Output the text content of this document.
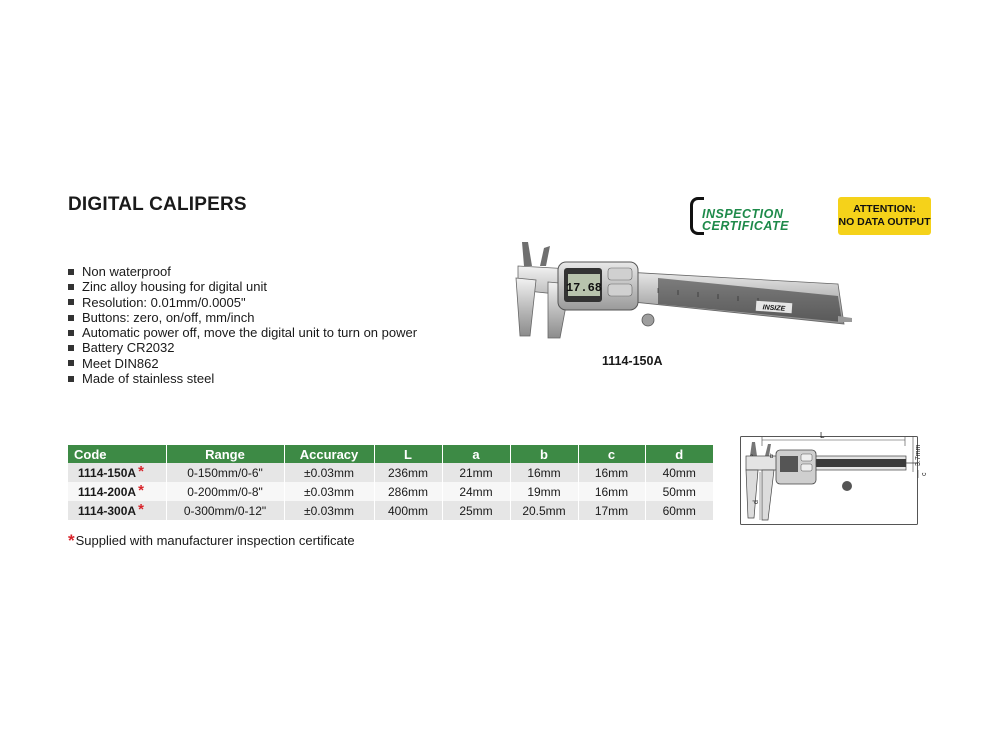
DIGITAL CALIPERS
Non waterproof
Zinc alloy housing for digital unit
Resolution: 0.01mm/0.0005"
Buttons: zero, on/off, mm/inch
Automatic power off, move the digital unit to turn on power
Battery CR2032
Meet DIN862
Made of stainless steel
INSPECTION
CERTIFICATE
ATTENTION:
NO DATA OUTPUT
17.68
INSIZE
1114-150A
Code	Range	Accuracy	L	a	b	c	d
1114-150A *	0-150mm/0-6"	±0.03mm	236mm	21mm	16mm	16mm	40mm
1114-200A *	0-200mm/0-8"	±0.03mm	286mm	24mm	19mm	16mm	50mm
1114-300A *	0-300mm/0-12"	±0.03mm	400mm	25mm	20.5mm	17mm	60mm
*Supplied with manufacturer inspection certificate
L
b
d
3.7mm
c
